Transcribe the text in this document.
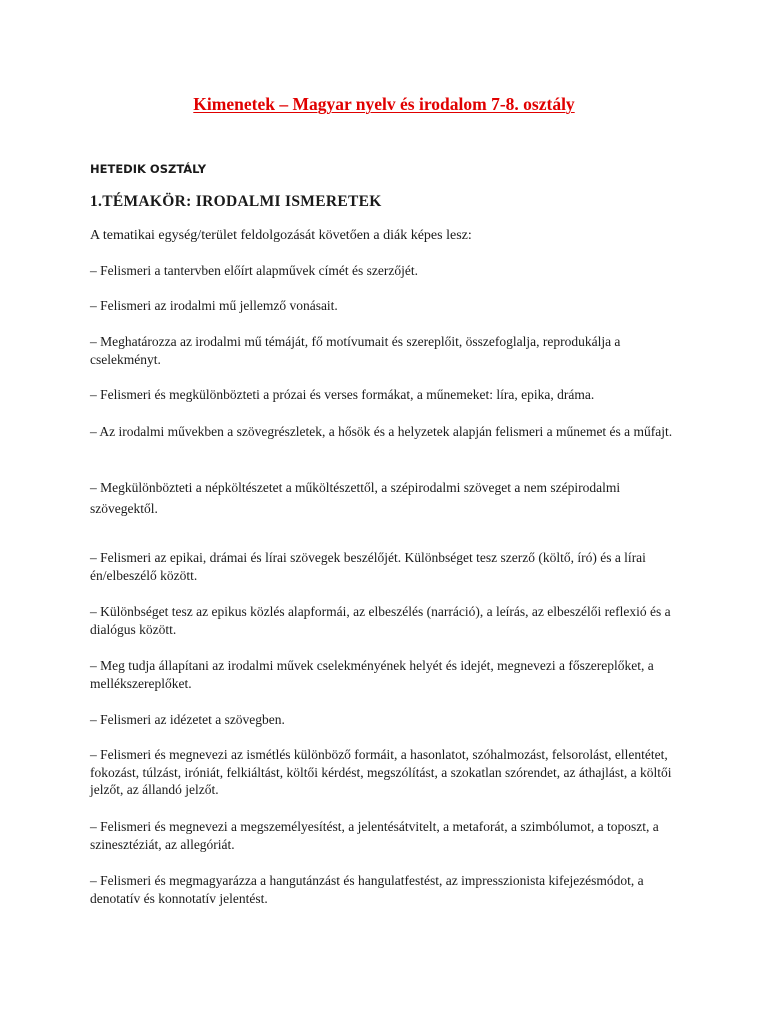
Kimenetek – Magyar nyelv és irodalom 7-8. osztály
HETEDIK OSZTÁLY
1.TÉMAKÖR: IRODALMI ISMERETEK
A tematikai egység/terület feldolgozását követően a diák képes lesz:
– Felismeri a tantervben előírt alapművek címét és szerzőjét.
– Felismeri az irodalmi mű jellemző vonásait.
– Meghatározza az irodalmi mű témáját, fő motívumait és szereplőit, összefoglalja, reprodukálja a cselekményt.
– Felismeri és megkülönbözteti a prózai és verses formákat, a műnemeket: líra, epika, dráma.
– Az irodalmi művekben a szövegrészletek, a hősök és a helyzetek alapján felismeri a műnemet és a műfajt.
– Megkülönbözteti a népköltészetet a műköltészettől, a szépirodalmi szöveget a nem szépirodalmi szövegektől.
– Felismeri az epikai, drámai és lírai szövegek beszélőjét. Különbséget tesz szerző (költő, író) és a lírai én/elbeszélő között.
– Különbséget tesz az epikus közlés alapformái, az elbeszélés (narráció), a leírás, az elbeszélői reflexió és a dialógus között.
– Meg tudja állapítani az irodalmi művek cselekményének helyét és idejét, megnevezi a főszereplőket, a mellékszereplőket.
– Felismeri az idézetet a szövegben.
– Felismeri és megnevezi az ismétlés különböző formáit, a hasonlatot, szóhalmozást, felsorolást, ellentétet, fokozást, túlzást, iróniát, felkiáltást, költői kérdést, megszólítást, a szokatlan szórendet, az áthajlást, a költői jelzőt, az állandó jelzőt.
– Felismeri és megnevezi a megszemélyesítést, a jelentésátvitelt, a metaforát, a szimbólumot, a toposzt, a szinesztéziát, az allegóriát.
– Felismeri és megmagyarázza a hangutánzást és hangulatfestést, az impresszionista kifejezésmódot, a denotatív és konnotatív jelentést.
